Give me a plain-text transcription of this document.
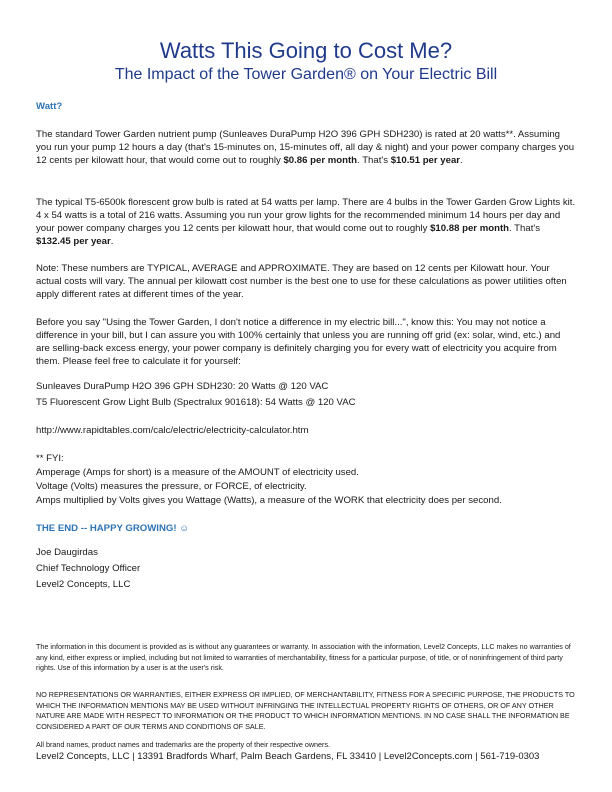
Watts This Going to Cost Me?
The Impact of the Tower Garden® on Your Electric Bill
Watt?

The standard Tower Garden nutrient pump (Sunleaves DuraPump H2O 396 GPH SDH230) is rated at 20 watts**. Assuming you run your pump 12 hours a day (that's 15-minutes on, 15-minutes off, all day & night) and your power company charges you 12 cents per kilowatt hour, that would come out to roughly $0.86 per month. That's $10.51 per year.

The typical T5-6500k florescent grow bulb is rated at 54 watts per lamp. There are 4 bulbs in the Tower Garden Grow Lights kit. 4 x 54 watts is a total of 216 watts. Assuming you run your grow lights for the recommended minimum 14 hours per day and your power company charges you 12 cents per kilowatt hour, that would come out to roughly $10.88 per month. That's $132.45 per year.

Note: These numbers are TYPICAL, AVERAGE and APPROXIMATE. They are based on 12 cents per Kilowatt hour. Your actual costs will vary. The annual per kilowatt cost number is the best one to use for these calculations as power utilities often apply different rates at different times of the year.

Before you say "Using the Tower Garden, I don't notice a difference in my electric bill...", know this: You may not notice a difference in your bill, but I can assure you with 100% certainly that unless you are running off grid (ex: solar, wind, etc.) and are selling-back excess energy, your power company is definitely charging you for every watt of electricity you acquire from them. Please feel free to calculate it for yourself:

Sunleaves DuraPump H2O 396 GPH SDH230: 20 Watts @ 120 VAC
T5 Fluorescent Grow Light Bulb (Spectralux 901618): 54 Watts @ 120 VAC
http://www.rapidtables.com/calc/electric/electricity-calculator.htm
** FYI:
Amperage (Amps for short) is a measure of the AMOUNT of electricity used.
Voltage (Volts) measures the pressure, or FORCE, of electricity.
Amps multiplied by Volts gives you Wattage (Watts), a measure of the WORK that electricity does per second.
THE END -- HAPPY GROWING! ☺
Joe Daugirdas
Chief Technology Officer
Level2 Concepts, LLC

The information in this document is provided as is without any guarantees or warranty. In association with the information, Level2 Concepts, LLC makes no warranties of any kind, either express or implied, including but not limited to warranties of merchantability, fitness for a particular purpose, of title, or of noninfringement of third party rights. Use of this information by a user is at the user's risk.

NO REPRESENTATIONS OR WARRANTIES, EITHER EXPRESS OR IMPLIED, OF MERCHANTABILITY, FITNESS FOR A SPECIFIC PURPOSE, THE PRODUCTS TO WHICH THE INFORMATION MENTIONS MAY BE USED WITHOUT INFRINGING THE INTELLECTUAL PROPERTY RIGHTS OF OTHERS, OR OF ANY OTHER NATURE ARE MADE WITH RESPECT TO INFORMATION OR THE PRODUCT TO WHICH INFORMATION MENTIONS. IN NO CASE SHALL THE INFORMATION BE CONSIDERED A PART OF OUR TERMS AND CONDITIONS OF SALE.

All brand names, product names and trademarks are the property of their respective owners.

Level2 Concepts, LLC | 13391 Bradfords Wharf, Palm Beach Gardens, FL 33410 | Level2Concepts.com | 561-719-0303
